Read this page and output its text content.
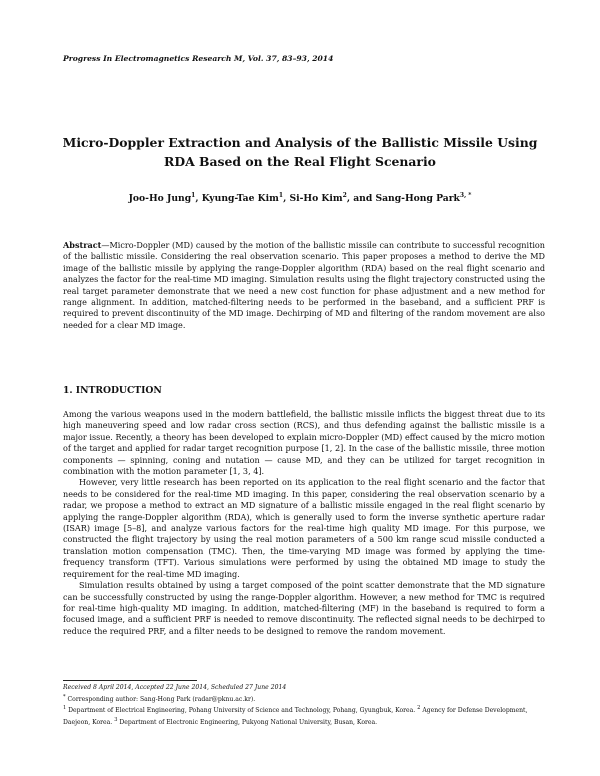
Progress In Electromagnetics Research M, Vol. 37, 83–93, 2014
Micro-Doppler Extraction and Analysis of the Ballistic Missile Using
RDA Based on the Real Flight Scenario
Joo-Ho Jung$^1$, Kyung-Tae Kim$^1$, Si-Ho Kim$^2$, and Sang-Hong Park$^{3, *}$

Abstract—Micro-Doppler (MD) caused by the motion of the ballistic missile can contribute to successful recognition of the ballistic missile. Considering the real observation scenario. This paper proposes a method to derive the MD image of the ballistic missile by applying the range-Doppler algorithm (RDA) based on the real flight scenario and analyzes the factor for the real-time MD imaging. Simulation results using the flight trajectory constructed using the real target parameter demonstrate that we need a new cost function for phase adjustment and a new method for range alignment. In addition, matched-filtering needs to be performed in the baseband, and a sufficient PRF is required to prevent discontinuity of the MD image. Dechirping of MD and filtering of the random movement are also needed for a clear MD image.

1. INTRODUCTION

Among the various weapons used in the modern battlefield, the ballistic missile inflicts the biggest threat due to its high maneuvering speed and low radar cross section (RCS), and thus defending against the ballistic missile is a major issue. Recently, a theory has been developed to explain micro-Doppler (MD) effect caused by the micro motion of the target and applied for radar target recognition purpose [1, 2]. In the case of the ballistic missile, three motion components — spinning, coning and nutation — cause MD, and they can be utilized for target recognition in combination with the motion parameter [1, 3, 4].

However, very little research has been reported on its application to the real flight scenario and the factor that needs to be considered for the real-time MD imaging. In this paper, considering the real observation scenario by a radar, we propose a method to extract an MD signature of a ballistic missile engaged in the real flight scenario by applying the range-Doppler algorithm (RDA), which is generally used to form the inverse synthetic aperture radar (ISAR) image [5–8], and analyze various factors for the real-time high quality MD image. For this purpose, we constructed the flight trajectory by using the real motion parameters of a 500 km range scud missile conducted a translation motion compensation (TMC). Then, the time-varying MD image was formed by applying the time-frequency transform (TFT). Various simulations were performed by using the obtained MD image to study the requirement for the real-time MD imaging.

Simulation results obtained by using a target composed of the point scatter demonstrate that the MD signature can be successfully constructed by using the range-Doppler algorithm. However, a new method for TMC is required for real-time high-quality MD imaging. In addition, matched-filtering (MF) in the baseband is required to form a focused image, and a sufficient PRF is needed to remove discontinuity. The reflected signal needs to be dechirped to reduce the required PRF, and a filter needs to be designed to remove the random movement.

Received 8 April 2014, Accepted 22 June 2014, Scheduled 27 June 2014
* Corresponding author: Sang-Hong Park (radar@pknu.ac.kr).
$^1$ Department of Electrical Engineering, Pohang University of Science and Technology, Pohang, Gyungbuk, Korea. $^2$ Agency for Defense Development, Daejeon, Korea. $^3$ Department of Electronic Engineering, Pukyong National University, Busan, Korea.
